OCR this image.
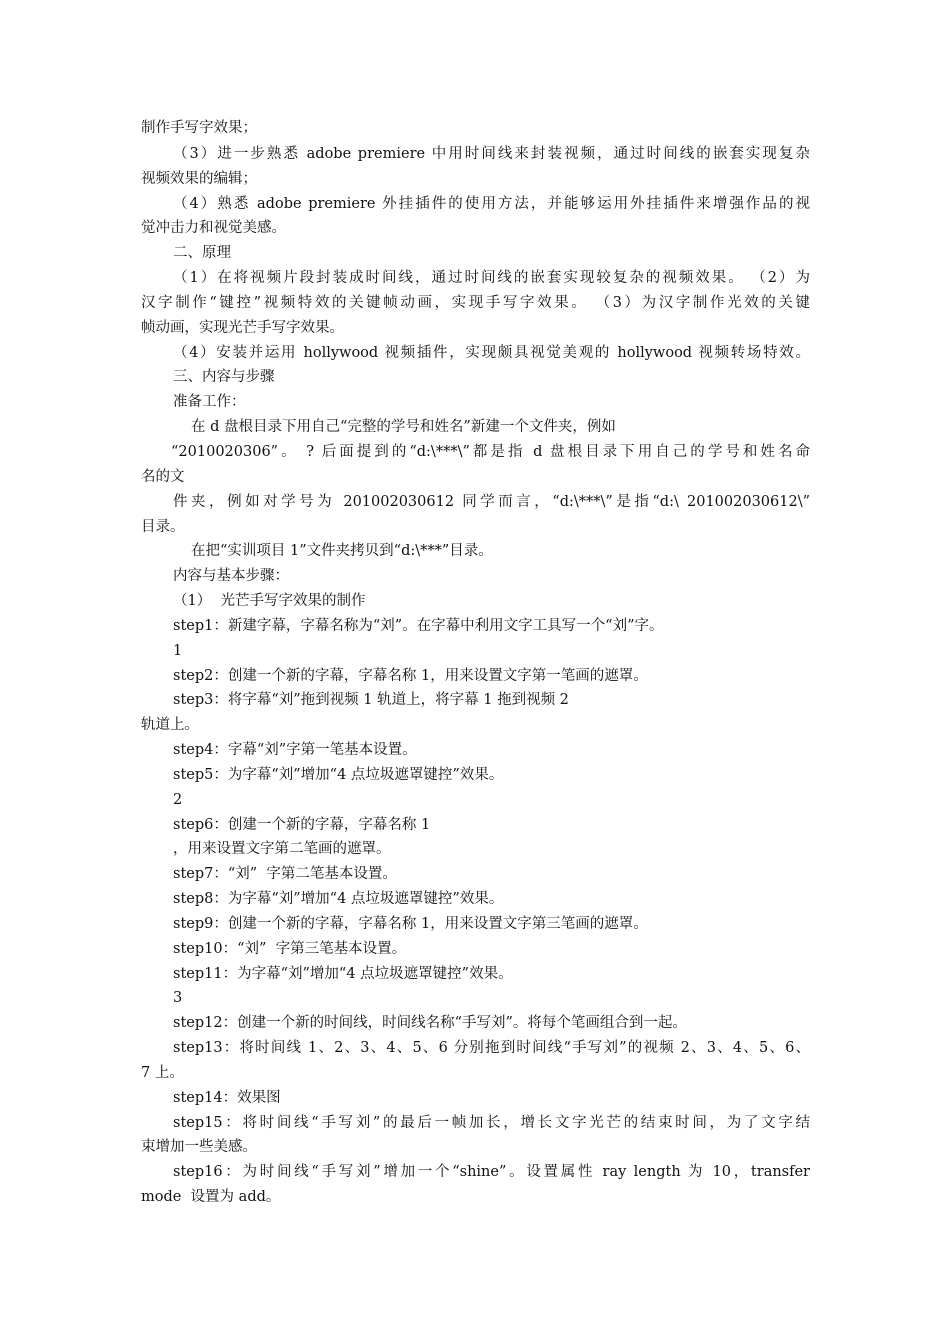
制作手写字效果；
（3）进一步熟悉 adobe premiere 中用时间线来封装视频，通过时间线的嵌套实现复杂
视频效果的编辑；
（4）熟悉 adobe premiere 外挂插件的使用方法，并能够运用外挂插件来增强作品的视
觉冲击力和视觉美感。
二、原理
（1）在将视频片段封装成时间线，通过时间线的嵌套实现较复杂的视频效果。 （2）为
汉字制作“键控”视频特效的关键帧动画，实现手写字效果。 （3）为汉字制作光效的关键
帧动画，实现光芒手写字效果。
（4）安装并运用 hollywood 视频插件，实现颇具视觉美观的 hollywood 视频转场特效。
三、内容与步骤
准备工作：
在 d 盘根目录下用自己“完整的学号和姓名”新建一个文件夹，例如
“2010020306”。 ? 后面提到的“d:\***\”都是指 d 盘根目录下用自己的学号和姓名命
名的文
件夹，例如对学号为 201002030612 同学而言，“d:\***\”是指“d:\ 201002030612\”
目录。
在把“实训项目 1”文件夹拷贝到“d:\***”目录。
内容与基本步骤：
（1）  光芒手写字效果的制作
step1：新建字幕，字幕名称为“刘”。在字幕中利用文字工具写一个“刘”字。
1
step2：创建一个新的字幕，字幕名称 1，用来设置文字第一笔画的遮罩。
step3：将字幕“刘”拖到视频 1 轨道上，将字幕 1 拖到视频 2
轨道上。
step4：字幕“刘”字第一笔基本设置。
step5：为字幕“刘”增加“4 点垃圾遮罩键控”效果。
2
step6：创建一个新的字幕，字幕名称 1
，用来设置文字第二笔画的遮罩。
step7：“刘”  字第二笔基本设置。
step8：为字幕“刘”增加“4 点垃圾遮罩键控”效果。
step9：创建一个新的字幕，字幕名称 1，用来设置文字第三笔画的遮罩。
step10：“刘”  字第三笔基本设置。
step11：为字幕“刘”增加“4 点垃圾遮罩键控”效果。
3
step12：创建一个新的时间线，时间线名称“手写刘”。将每个笔画组合到一起。
step13：将时间线 1、2、3、4、5、6 分别拖到时间线“手写刘”的视频 2、3、4、5、6、
7 上。
step14：效果图
step15：将时间线“手写刘”的最后一帧加长，增长文字光芒的结束时间，为了文字结
束增加一些美感。
step16：为时间线“手写刘”增加一个“shine”。设置属性 ray length 为 10，transfer
mode  设置为 add。
